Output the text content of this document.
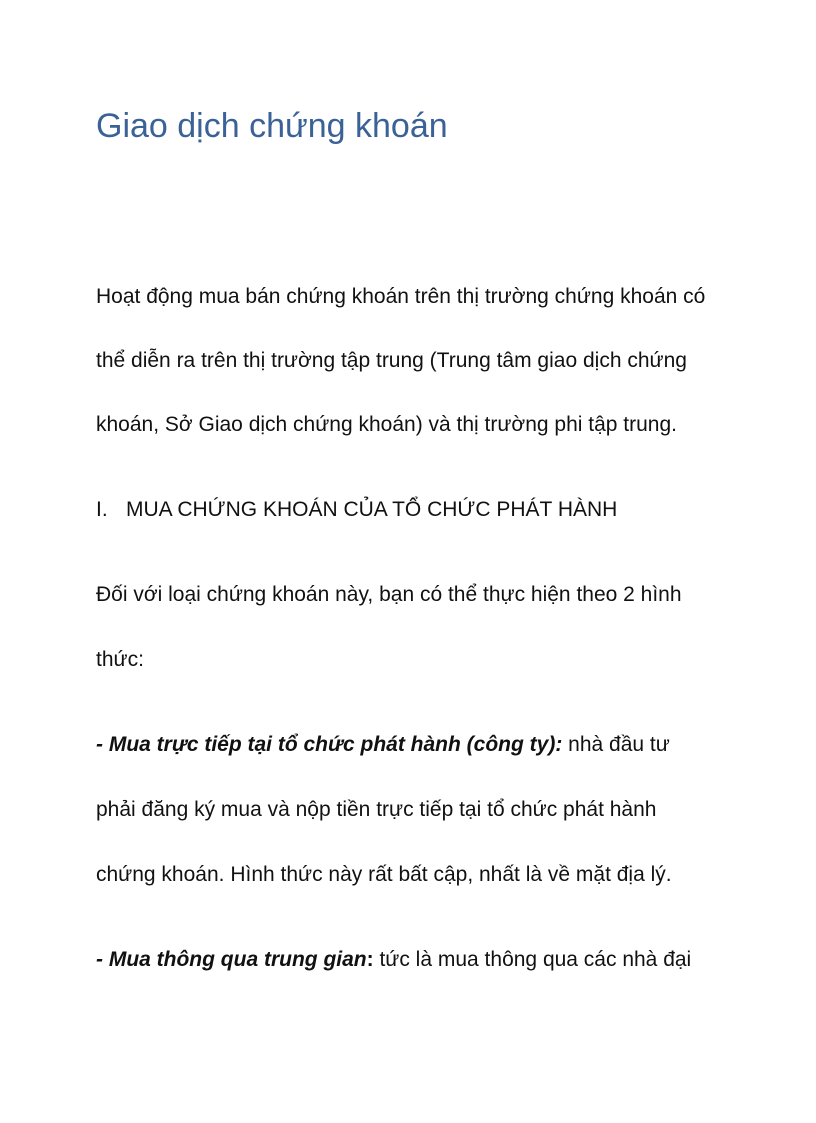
Giao dịch chứng khoán

Hoạt động mua bán chứng khoán trên thị trường chứng khoán có

thể diễn ra trên thị trường tập trung (Trung tâm giao dịch chứng

khoán, Sở Giao dịch chứng khoán) và thị trường phi tập trung.

I. MUA CHỨNG KHOÁN CỦA TỔ CHỨC PHÁT HÀNH

Đối với loại chứng khoán này, bạn có thể thực hiện theo 2 hình

thức:

- Mua trực tiếp tại tổ chức phát hành (công ty): nhà đầu tư

phải đăng ký mua và nộp tiền trực tiếp tại tổ chức phát hành

chứng khoán. Hình thức này rất bất cập, nhất là về mặt địa lý.

- Mua thông qua trung gian: tức là mua thông qua các nhà đại
